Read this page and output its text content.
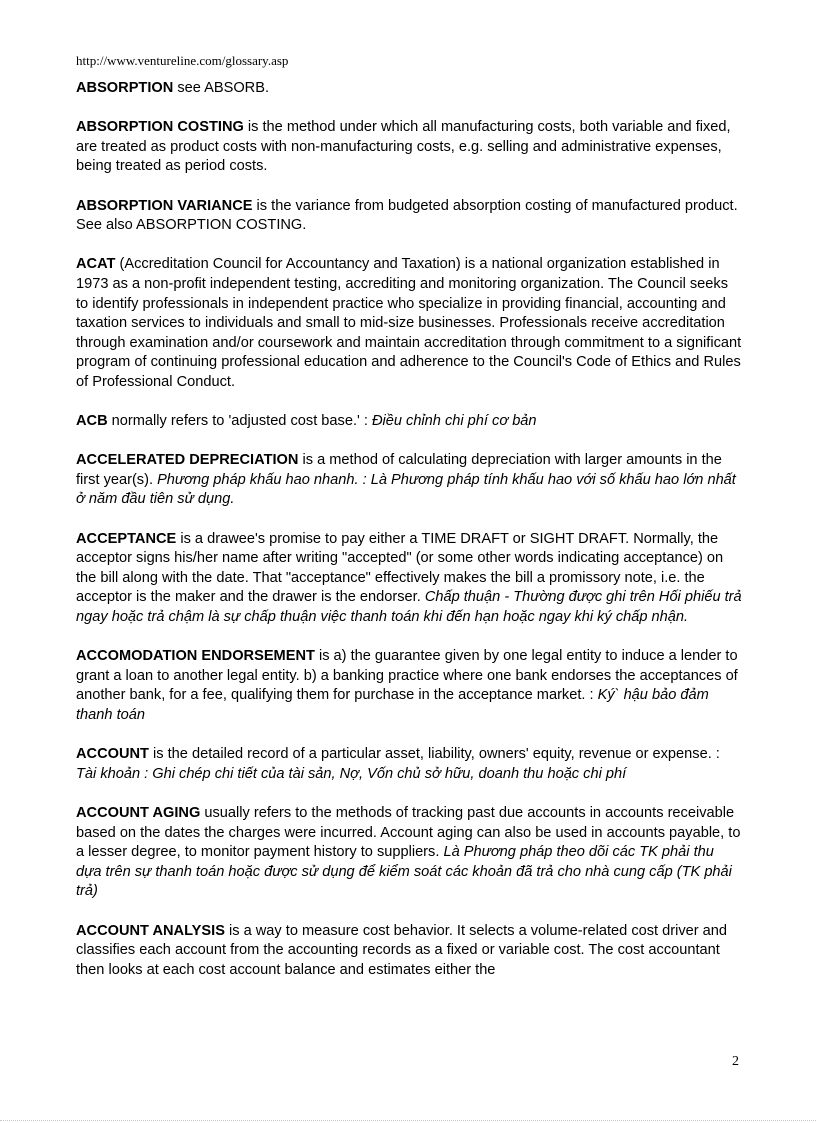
http://www.ventureline.com/glossary.asp

ABSORPTION see ABSORB.

ABSORPTION COSTING is the method under which all manufacturing costs, both variable and fixed, are treated as product costs with non-manufacturing costs, e.g. selling and administrative expenses, being treated as period costs.

ABSORPTION VARIANCE is the variance from budgeted absorption costing of manufactured product. See also ABSORPTION COSTING.

ACAT (Accreditation Council for Accountancy and Taxation) is a national organization established in 1973 as a non-profit independent testing, accrediting and monitoring organization. The Council seeks to identify professionals in independent practice who specialize in providing financial, accounting and taxation services to individuals and small to mid-size businesses. Professionals receive accreditation through examination and/or coursework and maintain accreditation through commitment to a significant program of continuing professional education and adherence to the Council's Code of Ethics and Rules of Professional Conduct.

ACB normally refers to 'adjusted cost base.' : Điều chỉnh chi phí cơ bản

ACCELERATED DEPRECIATION is a method of calculating depreciation with larger amounts in the first year(s). Phương pháp khấu hao nhanh. : Là Phương pháp tính khấu hao với số khấu hao lớn nhất ở năm đầu tiên sử dụng.

ACCEPTANCE is a drawee's promise to pay either a TIME DRAFT or SIGHT DRAFT. Normally, the acceptor signs his/her name after writing "accepted" (or some other words indicating acceptance) on the bill along with the date. That "acceptance" effectively makes the bill a promissory note, i.e. the acceptor is the maker and the drawer is the endorser. Chấp thuận - Thường được ghi trên Hối phiếu trả ngay hoặc trả chậm là sự chấp thuận việc thanh toán khi đến hạn hoặc ngay khi ký chấp nhận.

ACCOMODATION ENDORSEMENT is a) the guarantee given by one legal entity to induce a lender to grant a loan to another legal entity. b) a banking practice where one bank endorses the acceptances of another bank, for a fee, qualifying them for purchase in the acceptance market. : Ký` hậu bảo đảm thanh toán

ACCOUNT is the detailed record of a particular asset, liability, owners' equity, revenue or expense. : Tài khoản : Ghi chép chi tiết của tài sản, Nợ, Vốn chủ sở hữu, doanh thu hoặc chi phí

ACCOUNT AGING usually refers to the methods of tracking past due accounts in accounts receivable based on the dates the charges were incurred. Account aging can also be used in accounts payable, to a lesser degree, to monitor payment history to suppliers. Là Phương pháp theo dõi các TK phải thu dựa trên sự thanh toán hoặc được sử dụng để kiểm soát các khoản đã trả cho nhà cung cấp (TK phải trả)

ACCOUNT ANALYSIS is a way to measure cost behavior. It selects a volume-related cost driver and classifies each account from the accounting records as a fixed or variable cost. The cost accountant then looks at each cost account balance and estimates either the

2
